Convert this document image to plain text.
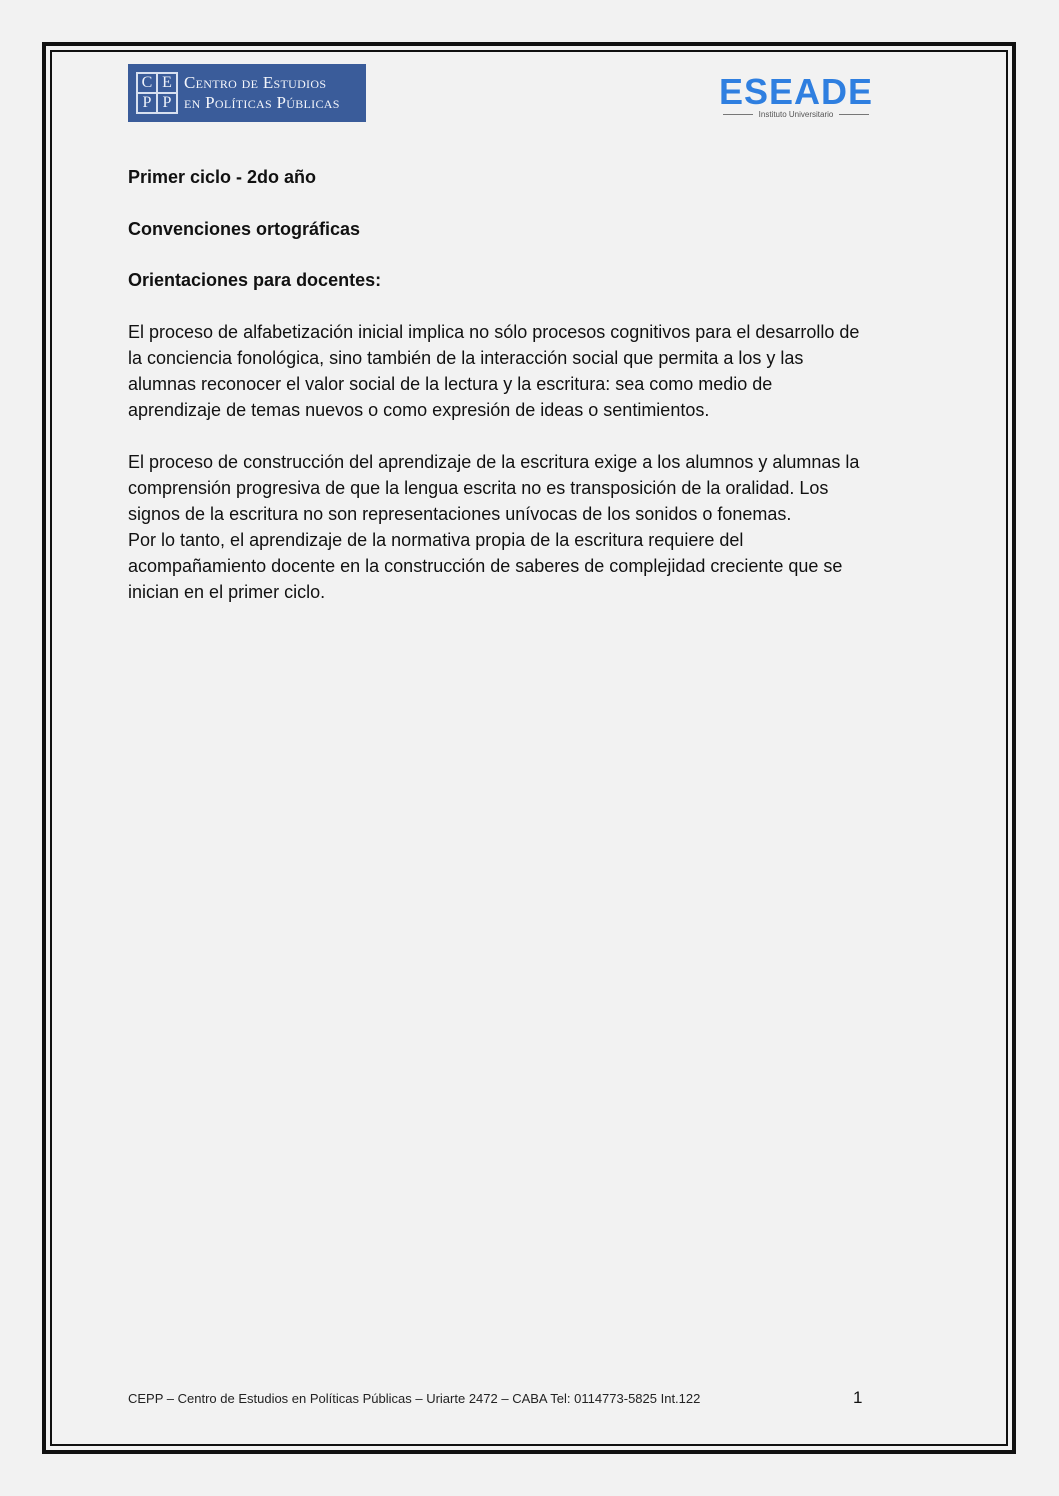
C E
P P
Centro de Estudios
en Políticas Públicas	ESEADE
Instituto Universitario
Primer ciclo - 2do año
Convenciones ortográficas
Orientaciones para docentes:
El proceso de alfabetización inicial implica no sólo procesos cognitivos para el desarrollo de
la conciencia fonológica, sino también de la interacción social que permita a los y las
alumnas reconocer el valor social de la lectura y la escritura: sea como medio de
aprendizaje de temas nuevos o como expresión de ideas o sentimientos.
El proceso de construcción del aprendizaje de la escritura exige a los alumnos y alumnas la
comprensión progresiva de que la lengua escrita no es transposición de la oralidad. Los
signos de la escritura no son representaciones unívocas de los sonidos o fonemas.
Por lo tanto, el aprendizaje de la normativa propia de la escritura requiere del
acompañamiento docente en la construcción de saberes de complejidad creciente que se
inician en el primer ciclo.
CEPP – Centro de Estudios en Políticas Públicas – Uriarte 2472 – CABA Tel: 0114773-5825 Int.122	1
